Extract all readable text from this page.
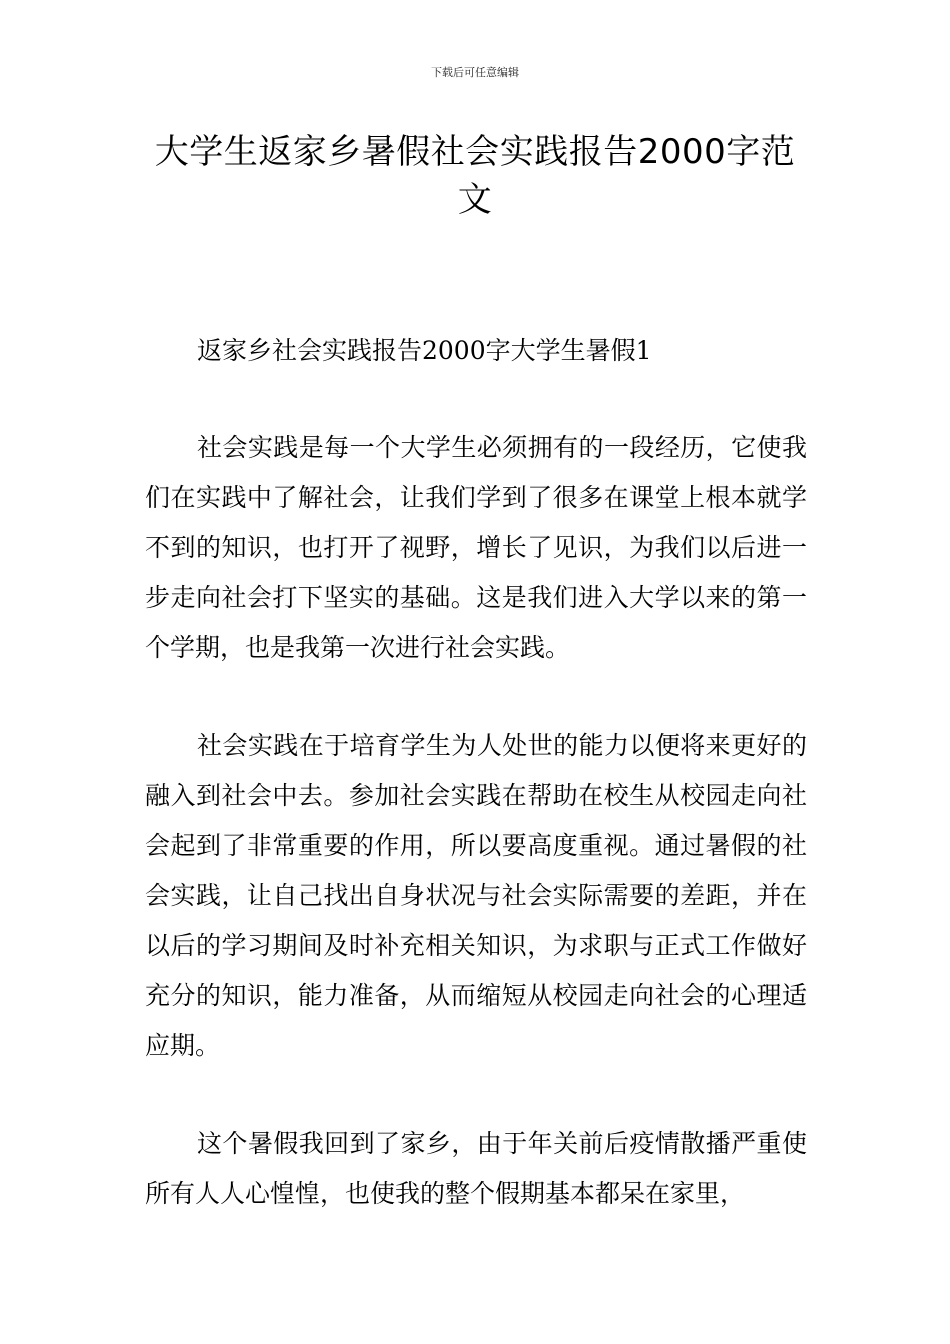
下载后可任意编辑
大学生返家乡暑假社会实践报告2000字范文

返家乡社会实践报告2000字大学生暑假1

社会实践是每一个大学生必须拥有的一段经历，它使我们在实践中了解社会，让我们学到了很多在课堂上根本就学不到的知识，也打开了视野，增长了见识，为我们以后进一步走向社会打下坚实的基础。这是我们进入大学以来的第一个学期，也是我第一次进行社会实践。

社会实践在于培育学生为人处世的能力以便将来更好的融入到社会中去。参加社会实践在帮助在校生从校园走向社会起到了非常重要的作用，所以要高度重视。通过暑假的社会实践，让自己找出自身状况与社会实际需要的差距，并在以后的学习期间及时补充相关知识，为求职与正式工作做好充分的知识，能力准备，从而缩短从校园走向社会的心理适应期。

这个暑假我回到了家乡，由于年关前后疫情散播严重使所有人人心惶惶，也使我的整个假期基本都呆在家里，
